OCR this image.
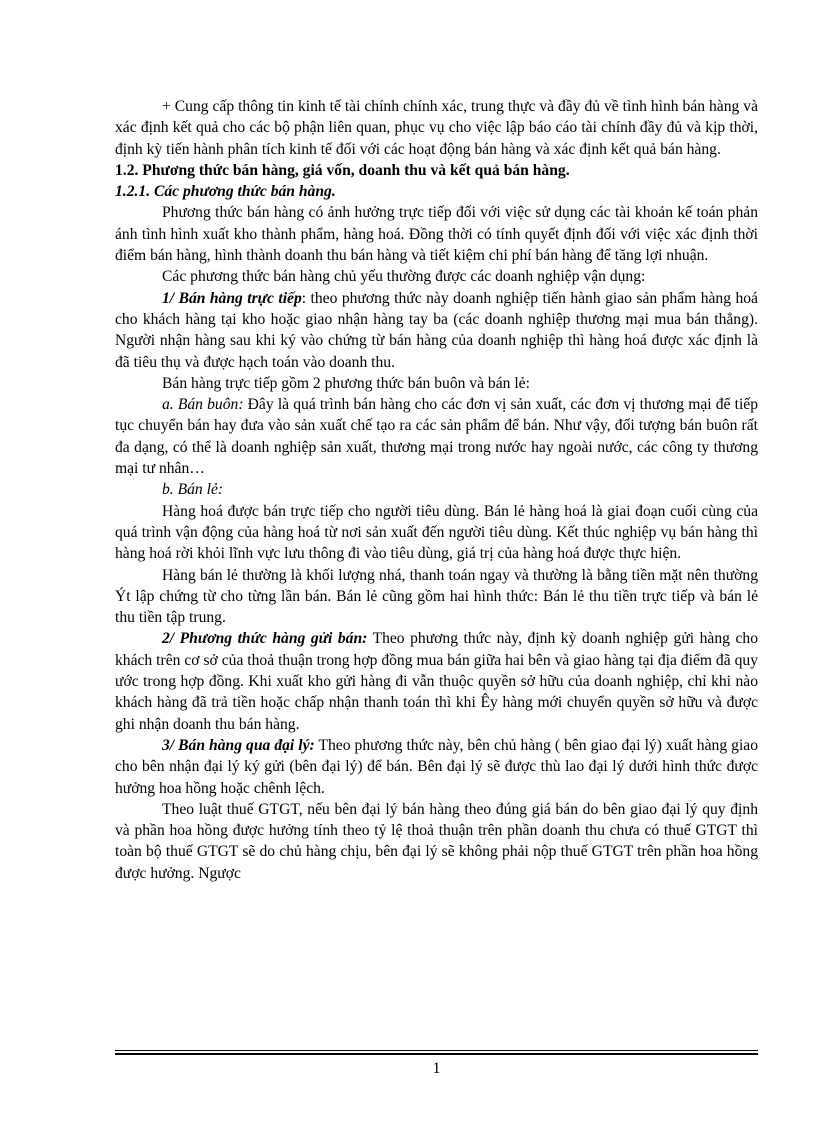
+ Cung cấp thông tin kinh tế tài chính chính xác, trung thực và đầy đủ về tình hình bán hàng và xác định kết quả cho các bộ phận liên quan, phục vụ cho việc lập báo cáo tài chính đầy đủ và kịp thời, định kỳ tiến hành phân tích kinh tế đối với các hoạt động bán hàng và xác định kết quả bán hàng.

1.2. Phương thức bán hàng, giá vốn, doanh thu và kết quả bán hàng.

1.2.1. Các phương thức bán hàng.

Phương thức bán hàng có ảnh hưởng trực tiếp đối với việc sử dụng các tài khoản kế toán phản ánh tình hình xuất kho thành phẩm, hàng hoá. Đồng thời có tính quyết định đối với việc xác định thời điểm bán hàng, hình thành doanh thu bán hàng và tiết kiệm chi phí bán hàng để tăng lợi nhuận.

Các phương thức bán hàng chủ yếu thường được các doanh nghiệp vận dụng:

1/ Bán hàng trực tiếp: theo phương thức này doanh nghiệp tiến hành giao sản phẩm hàng hoá cho khách hàng tại kho hoặc giao nhận hàng tay ba (các doanh nghiệp thương mại mua bán thẳng). Người nhận hàng sau khi ký vào chứng từ bán hàng của doanh nghiệp thì hàng hoá được xác định là đã tiêu thụ và được hạch toán vào doanh thu.

Bán hàng trực tiếp gồm 2 phương thức bán buôn và bán lẻ:

a. Bán buôn: Đây là quá trình bán hàng cho các đơn vị sản xuất, các đơn vị thương mại để tiếp tục chuyển bán hay đưa vào sản xuất chế tạo ra các sản phẩm để bán. Như vậy, đối tượng bán buôn rất đa dạng, có thể là doanh nghiệp sản xuất, thương mại trong nước hay ngoài nước, các công ty thương mại tư nhân…

b. Bán lẻ:

Hàng hoá được bán trực tiếp cho người tiêu dùng. Bán lẻ hàng hoá là giai đoạn cuối cùng của quá trình vận động của hàng hoá từ nơi sản xuất đến người tiêu dùng. Kết thúc nghiệp vụ bán hàng thì hàng hoá rời khỏi lĩnh vực lưu thông đi vào tiêu dùng, giá trị của hàng hoá được thực hiện.

Hàng bán lẻ thường là khối lượng nhá, thanh toán ngay và thường là bằng tiền mặt nên thường Ýt lập chứng từ cho từng lần bán. Bán lẻ cũng gồm hai hình thức: Bán lẻ thu tiền trực tiếp và bán lẻ thu tiền tập trung.

2/ Phương thức hàng gửi bán: Theo phương thức này, định kỳ doanh nghiệp gửi hàng cho khách trên cơ sở của thoả thuận trong hợp đồng mua bán giữa hai bên và giao hàng tại địa điểm đã quy ước trong hợp đồng. Khi xuất kho gửi hàng đi vẫn thuộc quyền sở hữu của doanh nghiệp, chỉ khi nào khách hàng đã trả tiền hoặc chấp nhận thanh toán thì khi Êy hàng mới chuyển quyền sở hữu và được ghi nhận doanh thu bán hàng.

3/ Bán hàng qua đại lý: Theo phương thức này, bên chủ hàng ( bên giao đại lý) xuất hàng giao cho bên nhận đại lý ký gửi (bên đại lý) để bán. Bên đại lý sẽ được thù lao đại lý dưới hình thức được hưởng hoa hồng hoặc chênh lệch.

Theo luật thuế GTGT, nếu bên đại lý bán hàng theo đúng giá bán do bên giao đại lý quy định và phần hoa hồng được hưởng tính theo tỷ lệ thoả thuận trên phần doanh thu chưa có thuế GTGT thì toàn bộ thuế GTGT sẽ do chủ hàng chịu, bên đại lý sẽ không phải nộp thuế GTGT trên phần hoa hồng được hưởng. Ngược

1
